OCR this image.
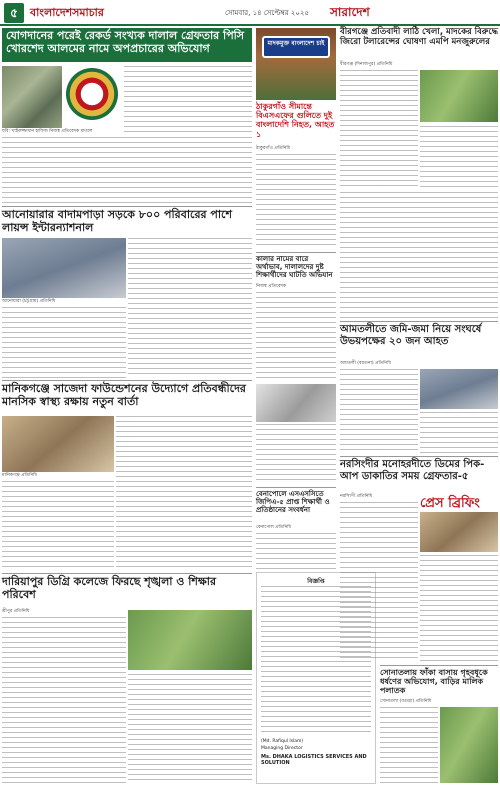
৫	বাংলাদেশসমাচার	সোমবার, ১৪ সেপ্টেম্বর ২০২৫ সারাদেশ
যোগদানের পরেই রেকর্ড সংখ্যক দালাল গ্রেফতার পিসি খোরশেদ আলমের নামে অপপ্রচারের অভিযোগ
ছবি: খাইরুজ্জামান হাফিজ নিজস্ব প্রতিবেদক মাতাল
আনোয়ারার বাদামপাড়া সড়কে ৮০০ পরিবারের পাশে লায়ন্স ইন্টারন্যাশনাল
আনোয়ারা (চট্টগ্রাম) প্রতিনিধি
মানিকগঞ্জে সাজেদা ফাউন্ডেশনের উদ্যোগে প্রতিবন্ধীদের মানসিক স্বাস্থ্য রক্ষায় নতুন বার্তা
মানিকগঞ্জ প্রতিনিধি
দারিয়াপুর ডিগ্রি কলেজে ফিরছে শৃঙ্খলা ও শিক্ষার পরিবেশ
শ্রীপুর প্রতিনিধি
মাদকমুক্ত বাংলাদেশ চাই
ঠাকুরগাঁও সীমান্তে বিএসএফের গুলিতে দুই বাংলাদেশি নিহত, আহত ১
ঠাকুরগাঁও প্রতিনিধি
কালার নামের বারে অর্থাভাব, দালালদের দুষ্ট শিক্ষার্থীদের ঘাটতি অভিযান
নিজস্ব প্রতিবেদক
বেনাপোলে এসএসসিতে জিপিএ-৫ প্রাপ্ত শিক্ষার্থী ও প্রতিষ্ঠানের সংবর্ধনা
বেনাপোল প্রতিনিধি
বিজ্ঞপ্তি
(Md. Rafiqul Islam)
Managing Director
Ms. DHAKA LOGISTICS SERVICES AND SOLUTION
বীরগঞ্জে প্রতিবাদী লাঠি খেলা, মাদকের বিরুদ্ধে জিরো টলারেন্সের ঘোষণা এমপি মনজুরুলের
বীরগঞ্জ (দিনাজপুর) প্রতিনিধি
আমতলীতে জমি-জমা নিয়ে সংঘর্ষে উভয়পক্ষের ২০ জন আহত
আমতলী (বরগুনা) প্রতিনিধি
নরসিংদীর মনোহরদীতে ডিমের পিক-আপ ডাকাতির সময় গ্রেফতার-৫
প্রেস ব্রিফিং
নরসিংদী প্রতিনিধি
সোনাতলায় ফাঁকা বাসায় গৃহবধূকে ধর্ষণের অভিযোগ, বাড়ির মালিক পলাতক
সোনাতলা (বগুড়া) প্রতিনিধি
